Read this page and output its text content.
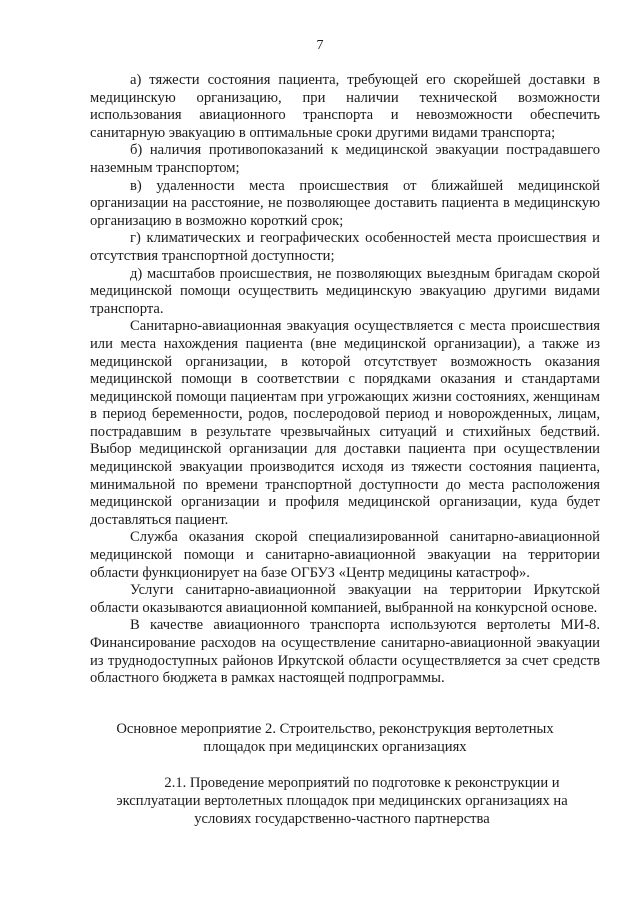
7

а) тяжести состояния пациента, требующей его скорейшей доставки в медицинскую организацию, при наличии технической возможности использования авиационного транспорта и невозможности обеспечить санитарную эвакуацию в оптимальные сроки другими видами транспорта;

б) наличия противопоказаний к медицинской эвакуации пострадавшего наземным транспортом;

в) удаленности места происшествия от ближайшей медицинской организации на расстояние, не позволяющее доставить пациента в медицинскую организацию в возможно короткий срок;

г) климатических и географических особенностей места происшествия и отсутствия транспортной доступности;

д) масштабов происшествия, не позволяющих выездным бригадам скорой медицинской помощи осуществить медицинскую эвакуацию другими видами транспорта.

Санитарно-авиационная эвакуация осуществляется с места происшествия или места нахождения пациента (вне медицинской организации), а также из медицинской организации, в которой отсутствует возможность оказания медицинской помощи в соответствии с порядками оказания и стандартами медицинской помощи пациентам при угрожающих жизни состояниях, женщинам в период беременности, родов, послеродовой период и новорожденных, лицам, пострадавшим в результате чрезвычайных ситуаций и стихийных бедствий. Выбор медицинской организации для доставки пациента при осуществлении медицинской эвакуации производится исходя из тяжести состояния пациента, минимальной по времени транспортной доступности до места расположения медицинской организации и профиля медицинской организации, куда будет доставляться пациент.

Служба оказания скорой специализированной санитарно-авиационной медицинской помощи и санитарно-авиационной эвакуации на территории области функционирует на базе ОГБУЗ «Центр медицины катастроф».

Услуги санитарно-авиационной эвакуации на территории Иркутской области оказываются авиационной компанией, выбранной на конкурсной основе.

В качестве авиационного транспорта используются вертолеты МИ-8. Финансирование расходов на осуществление санитарно-авиационной эвакуации из труднодоступных районов Иркутской области осуществляется за счет средств областного бюджета в рамках настоящей подпрограммы.

Основное мероприятие 2. Строительство, реконструкция вертолетных площадок при медицинских организациях

2.1. Проведение мероприятий по подготовке к реконструкции и эксплуатации вертолетных площадок при медицинских организациях на условиях государственно-частного партнерства
